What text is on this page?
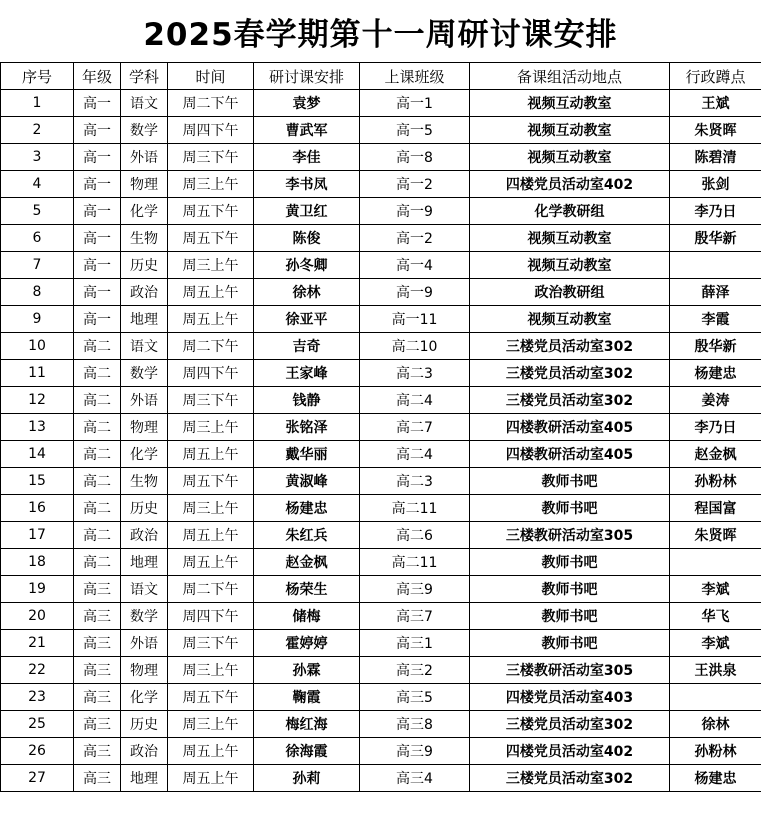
2025春学期第十一周研讨课安排
序号	年级	学科	时间	研讨课安排	上课班级	备课组活动地点	行政蹲点
1	高一	语文	周二下午	袁梦	高一1	视频互动教室	王斌
2	高一	数学	周四下午	曹武军	高一5	视频互动教室	朱贤晖
3	高一	外语	周三下午	李佳	高一8	视频互动教室	陈碧清
4	高一	物理	周三上午	李书凤	高一2	四楼党员活动室402	张剑
5	高一	化学	周五下午	黄卫红	高一9	化学教研组	李乃日
6	高一	生物	周五下午	陈俊	高一2	视频互动教室	殷华新
7	高一	历史	周三上午	孙冬卿	高一4	视频互动教室	
8	高一	政治	周五上午	徐林	高一9	政治教研组	薛泽
9	高一	地理	周五上午	徐亚平	高一11	视频互动教室	李霞
10	高二	语文	周二下午	吉奇	高二10	三楼党员活动室302	殷华新
11	高二	数学	周四下午	王家峰	高二3	三楼党员活动室302	杨建忠
12	高二	外语	周三下午	钱静	高二4	三楼党员活动室302	姜涛
13	高二	物理	周三上午	张铭泽	高二7	四楼教研活动室405	李乃日
14	高二	化学	周五上午	戴华丽	高二4	四楼教研活动室405	赵金枫
15	高二	生物	周五下午	黄淑峰	高二3	教师书吧	孙粉林
16	高二	历史	周三上午	杨建忠	高二11	教师书吧	程国富
17	高二	政治	周五上午	朱红兵	高二6	三楼教研活动室305	朱贤晖
18	高二	地理	周五上午	赵金枫	高二11	教师书吧	
19	高三	语文	周二下午	杨荣生	高三9	教师书吧	李斌
20	高三	数学	周四下午	储梅	高三7	教师书吧	华飞
21	高三	外语	周三下午	霍婷婷	高三1	教师书吧	李斌
22	高三	物理	周三上午	孙霖	高三2	三楼教研活动室305	王洪泉
23	高三	化学	周五下午	鞠霞	高三5	四楼党员活动室403	
25	高三	历史	周三上午	梅红海	高三8	三楼党员活动室302	徐林
26	高三	政治	周五上午	徐海霞	高三9	四楼党员活动室402	孙粉林
27	高三	地理	周五上午	孙莉	高三4	三楼党员活动室302	杨建忠
